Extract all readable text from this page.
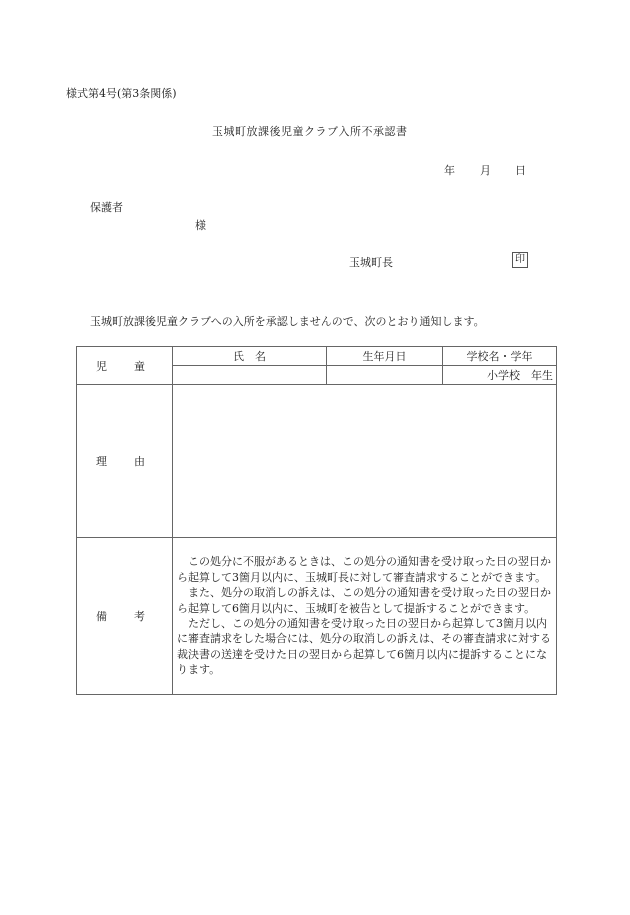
様式第4号(第3条関係)
玉城町放課後児童クラブ入所不承認書
年 月 日
保護者
様
玉城町長	印
玉城町放課後児童クラブへの入所を承認しませんので、次のとおり通知します。
児　童	氏　名	生年月日	学校名・学年
			小学校　年生
理　由			
備　考	この処分に不服があるときは、この処分の通知書を受け取った日の翌日から起算して3箇月以内に、玉城町長に対して審査請求することができます。

また、処分の取消しの訴えは、この処分の通知書を受け取った日の翌日から起算して6箇月以内に、玉城町を被告として提訴することができます。

ただし、この処分の通知書を受け取った日の翌日から起算して3箇月以内に審査請求をした場合には、処分の取消しの訴えは、その審査請求に対する裁決書の送達を受けた日の翌日から起算して6箇月以内に提訴することになります。		
